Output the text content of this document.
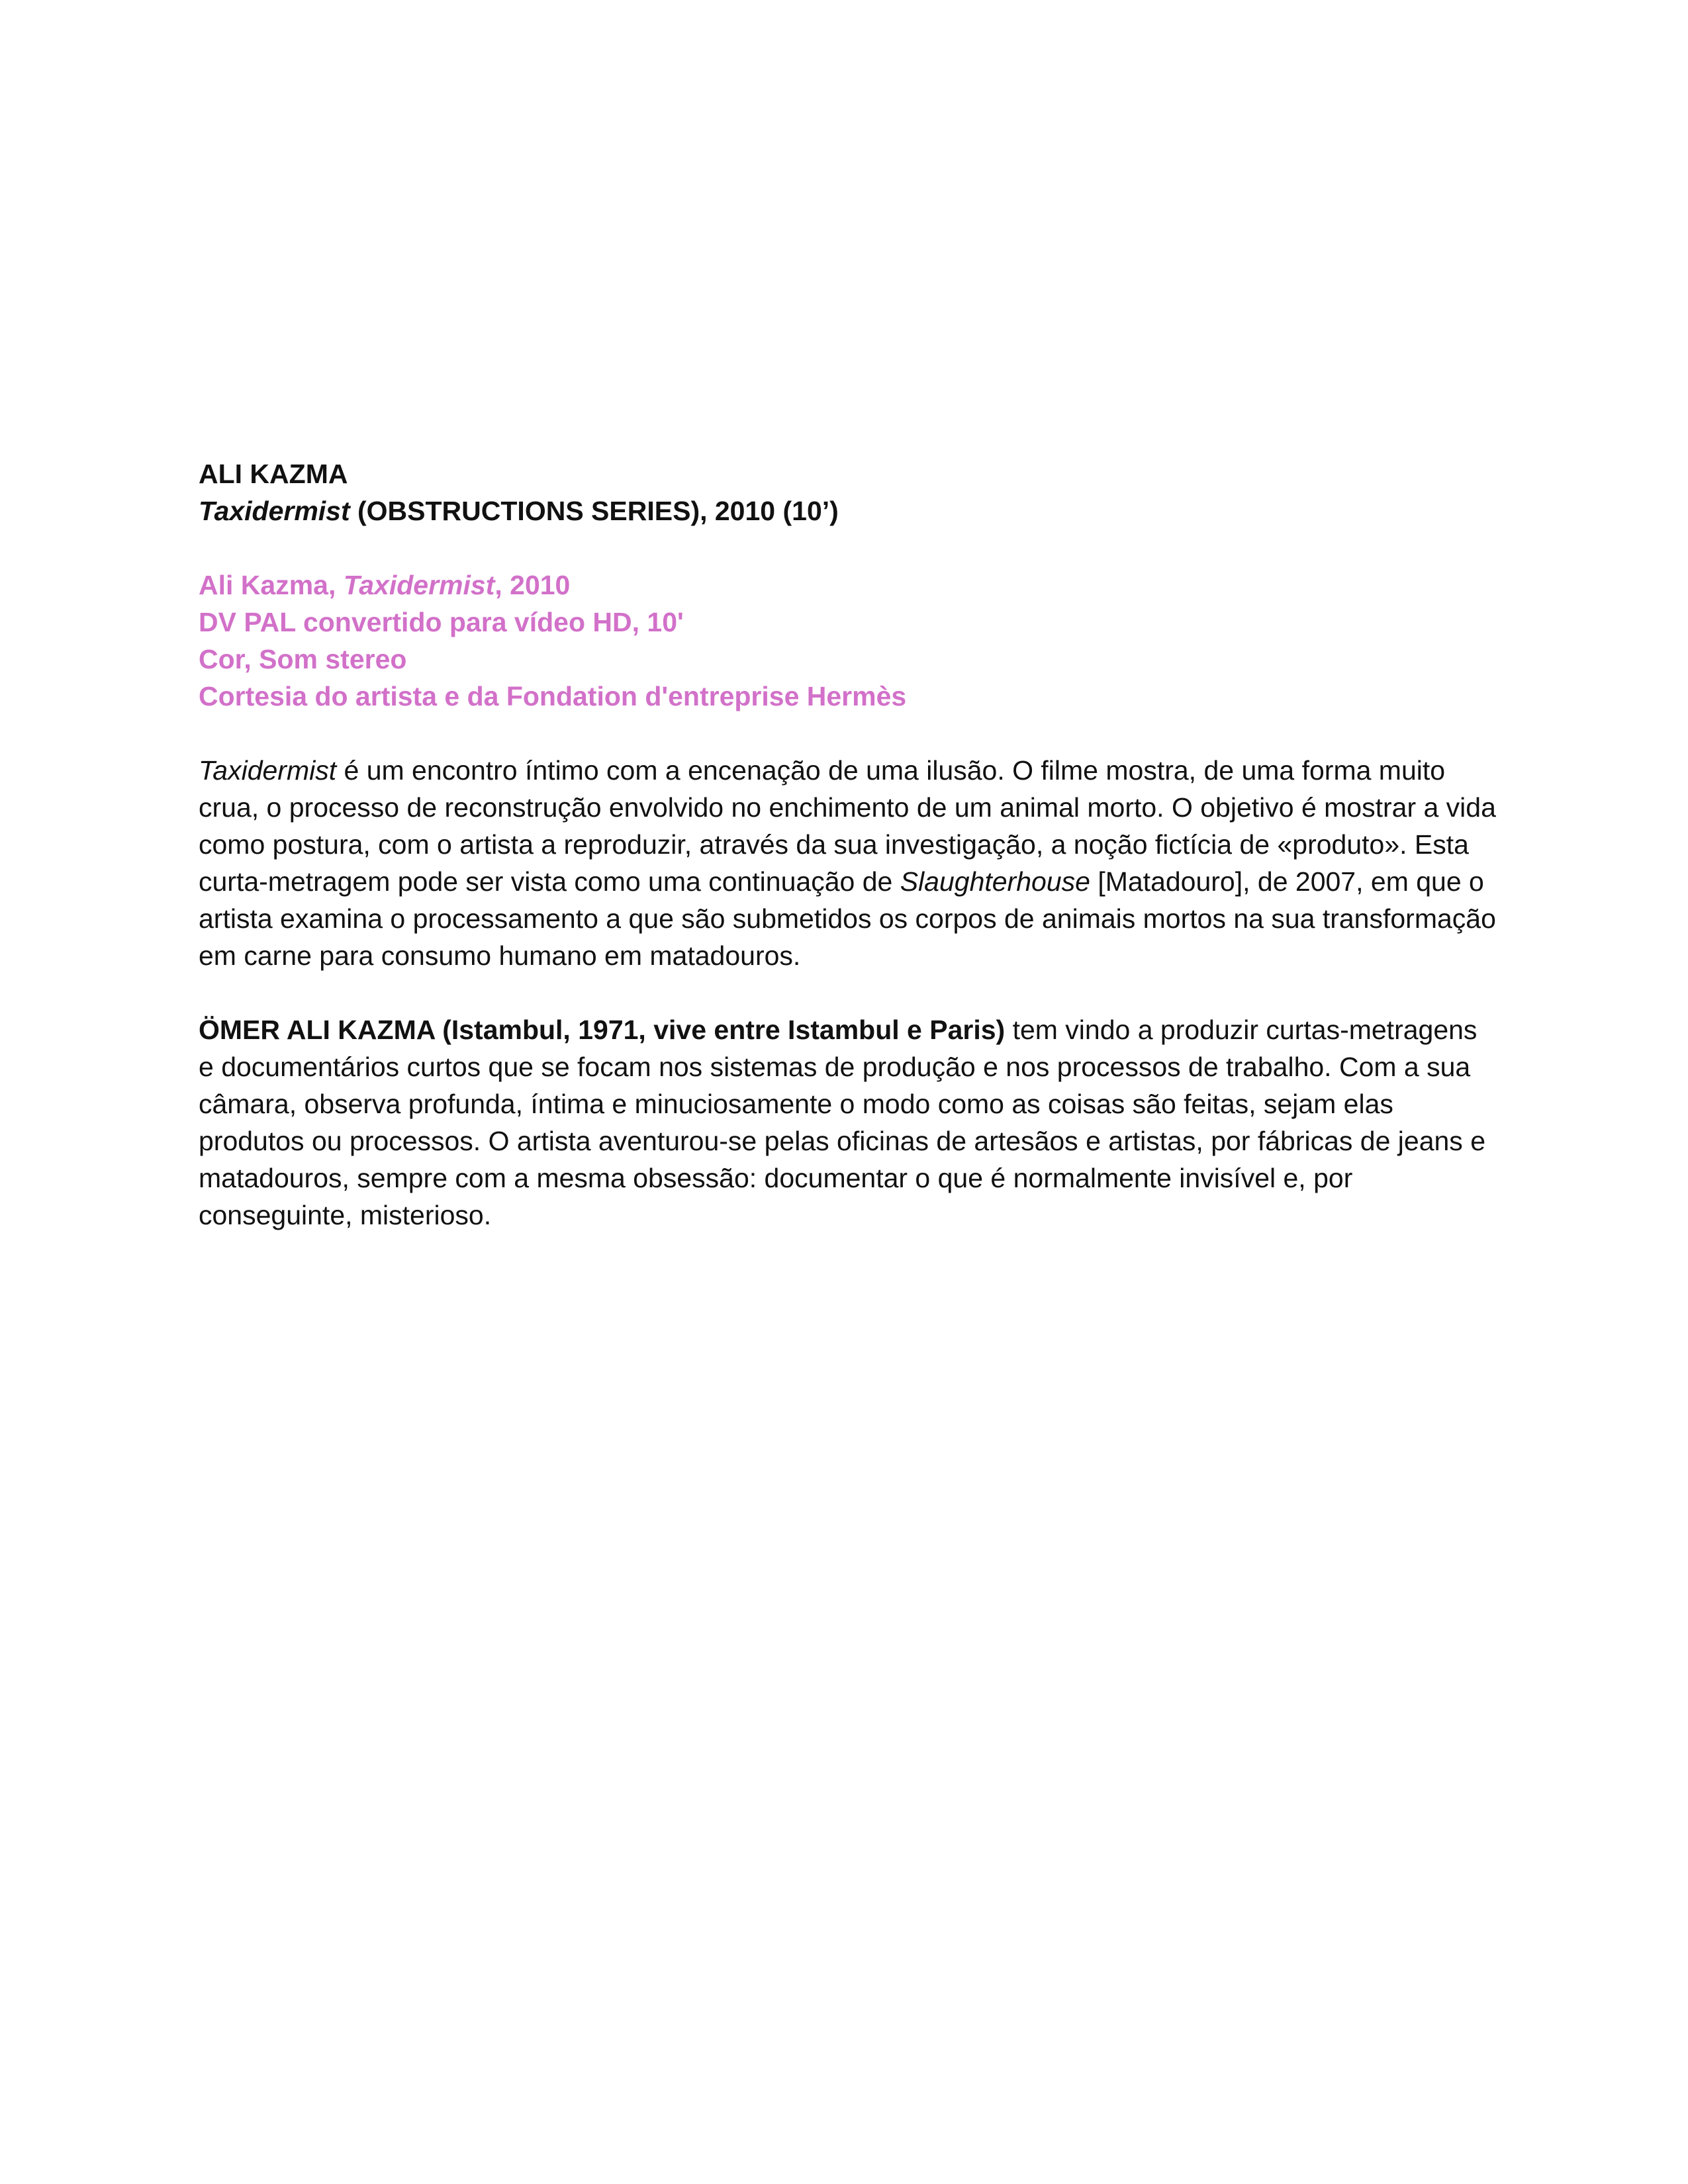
ALI KAZMA

Taxidermist (OBSTRUCTIONS SERIES), 2010 (10’)

Ali Kazma, Taxidermist, 2010

DV PAL convertido para vídeo HD, 10'

Cor, Som stereo

Cortesia do artista e da Fondation d'entreprise Hermès

Taxidermist é um encontro íntimo com a encenação de uma ilusão. O filme mostra, de uma forma muito crua, o processo de reconstrução envolvido no enchimento de um animal morto. O objetivo é mostrar a vida como postura, com o artista a reproduzir, através da sua investigação, a noção fictícia de «produto». Esta curta-metragem pode ser vista como uma continuação de Slaughterhouse [Matadouro], de 2007, em que o artista examina o processamento a que são submetidos os corpos de animais mortos na sua transformação em carne para consumo humano em matadouros.

ÖMER ALI KAZMA (Istambul, 1971, vive entre Istambul e Paris) tem vindo a produzir curtas-metragens e documentários curtos que se focam nos sistemas de produção e nos processos de trabalho. Com a sua câmara, observa profunda, íntima e minuciosamente o modo como as coisas são feitas, sejam elas produtos ou processos. O artista aventurou-se pelas oficinas de artesãos e artistas, por fábricas de jeans e matadouros, sempre com a mesma obsessão: documentar o que é normalmente invisível e, por conseguinte, misterioso.
